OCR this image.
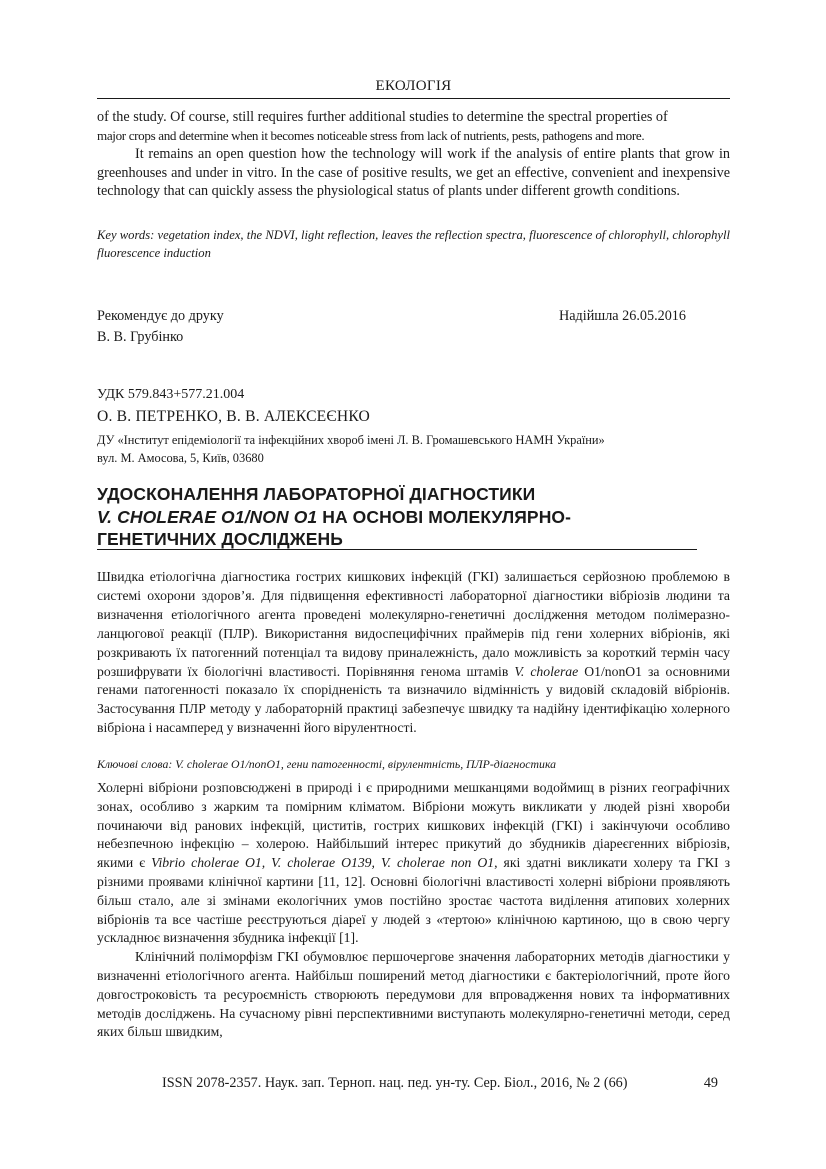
ЕКОЛОГІЯ

of the study. Of course, still requires further additional studies to determine the spectral properties of

major crops and determine when it becomes noticeable stress from lack of nutrients, pests, pathogens and more.

It remains an open question how the technology will work if the analysis of entire plants that grow in greenhouses and under in vitro. In the case of positive results, we get an effective, convenient and inexpensive technology that can quickly assess the physiological status of plants under different growth conditions.

Key words: vegetation index, the NDVI, light reflection, leaves the reflection spectra, fluorescence of chlorophyll, chlorophyll fluorescence induction

Рекомендує до друку	Надійшла 26.05.2016

В. В. Грубінко

УДК 579.843+577.21.004

О. В. ПЕТРЕНКО, В. В. АЛЕКСЕЄНКО

ДУ «Інститут епідеміології та інфекційних хвороб імені Л. В. Громашевського НАМН України»

вул. М. Амосова, 5, Київ, 03680

УДОСКОНАЛЕННЯ ЛАБОРАТОРНОЇ ДІАГНОСТИКИ

V. CHOLERAE O1/NON O1 НА ОСНОВІ МОЛЕКУЛЯРНО-

ГЕНЕТИЧНИХ ДОСЛІДЖЕНЬ

Швидка етіологічна діагностика гострих кишкових інфекцій (ГКІ) залишається серйозною проблемою в системі охорони здоров’я. Для підвищення ефективності лабораторної діагностики вібріозів людини та визначення етіологічного агента проведені молекулярно-генетичні дослідження методом полімеразно-ланцюгової реакції (ПЛР). Використання видоспецифічних праймерів під гени холерних вібріонів, які розкривають їх патогенний потенціал та видову приналежність, дало можливість за короткий термін часу розшифрувати їх біологічні властивості. Порівняння генома штамів V. cholerae О1/nonO1 за основними генами патогенності показало їх спорідненість та визначило відмінність у видовій складовій вібріонів. Застосування ПЛР методу у лабораторній практиці забезпечує швидку та надійну ідентифікацію холерного вібріона і насамперед у визначенні його вірулентності.

Ключові слова: V. cholerae O1/nonO1, гени патогенності, вірулентність, ПЛР-діагностика

Холерні вібріони розповсюджені в природі і є природними мешканцями водоймищ в різних географічних зонах, особливо з жарким та помірним кліматом. Вібріони можуть викликати у людей різні хвороби починаючи від ранових інфекцій, циститів, гострих кишкових інфекцій (ГКІ) і закінчуючи особливо небезпечною інфекцію – холерою. Найбільший інтерес прикутий до збудників діареєгенних вібріозів, якими є Vibrio cholerae O1, V. cholerae O139, V. cholerae non O1, які здатні викликати холеру та ГКІ з різними проявами клінічної картини [11, 12]. Основні біологічні властивості холерні вібріони проявляють більш стало, але зі змінами екологічних умов постійно зростає частота виділення атипових холерних вібріонів та все частіше реєструються діареї у людей з «тертою» клінічною картиною, що в свою чергу ускладнює визначення збудника інфекції [1].

Клінічний поліморфізм ГКІ обумовлює першочергове значення лабораторних методів діагностики у визначенні етіологічного агента. Найбільш поширений метод діагностики є бактеріологічний, проте його довгостроковість та ресуроємність створюють передумови для впровадження нових та інформативних методів досліджень. На сучасному рівні перспективними виступають молекулярно-генетичні методи, серед яких більш швидким,

ISSN 2078-2357. Наук. зап. Терноп. нац. пед. ун-ту. Сер. Біол., 2016, № 2 (66)	49
